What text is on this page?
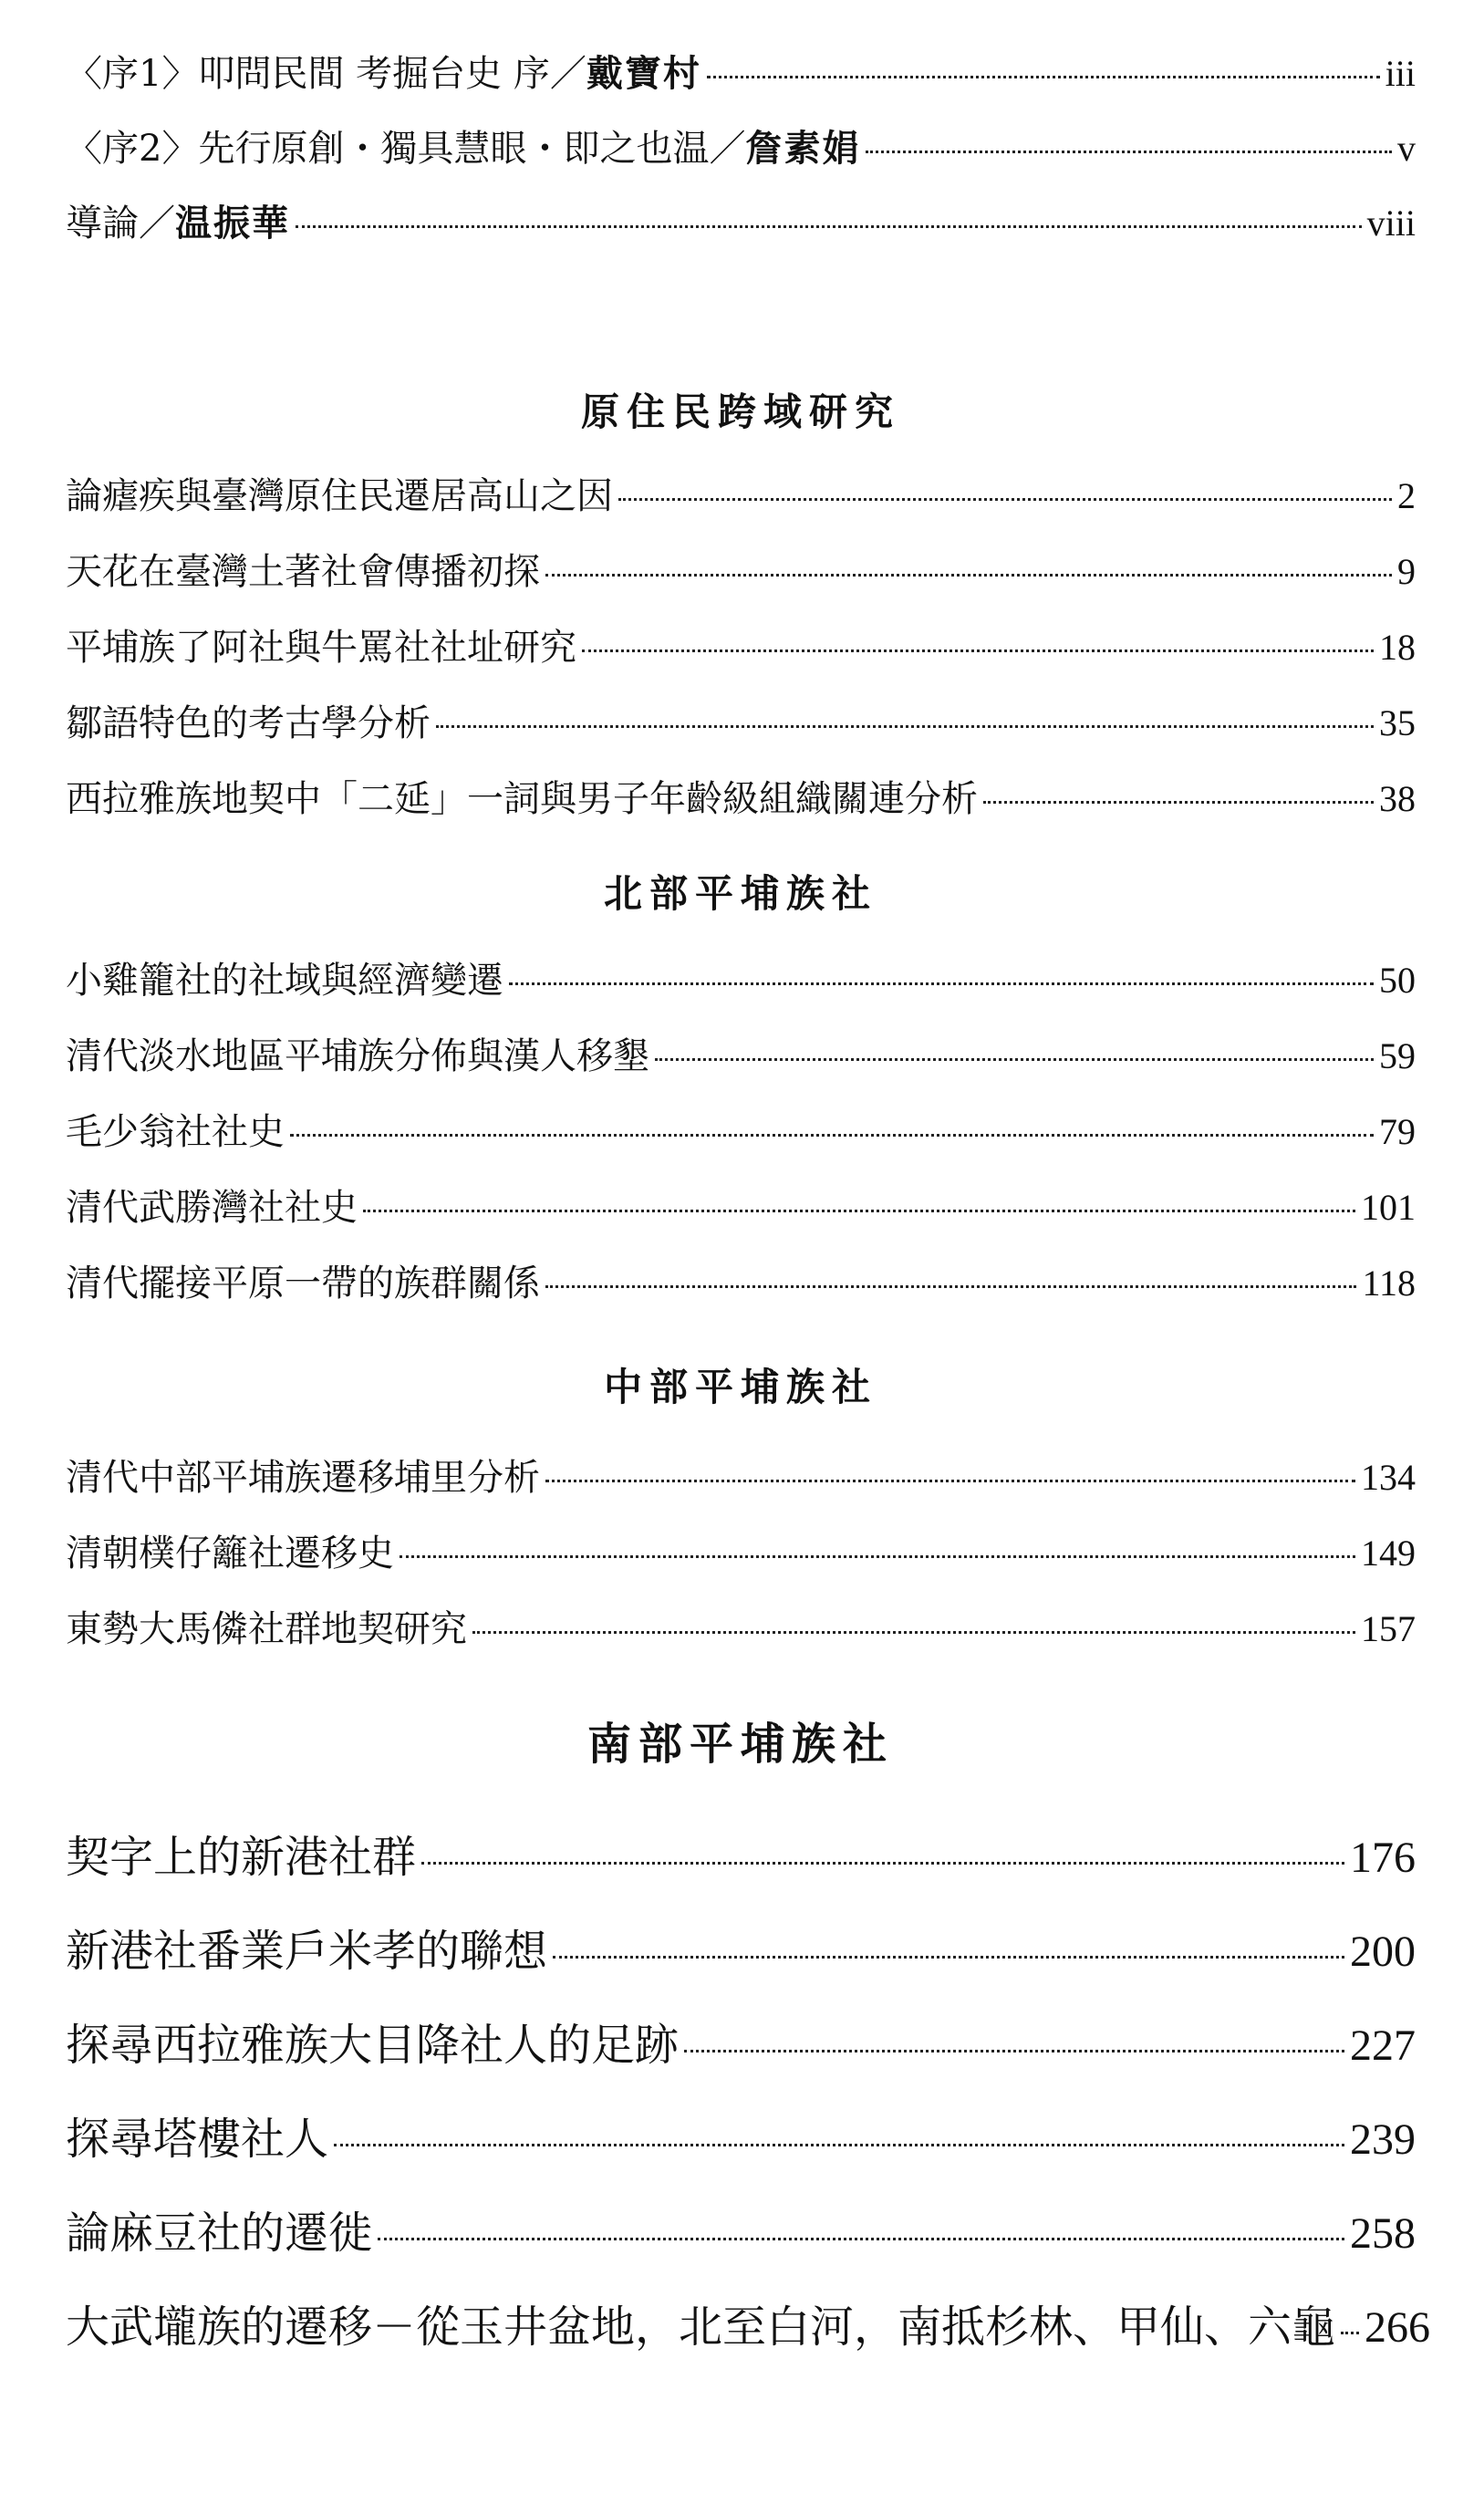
〈序1〉叩問民間 考掘台史 序／戴寶村	iii
〈序2〉先行原創・獨具慧眼・即之也温／詹素娟	v
導論／温振華	viii
原住民跨域研究
論瘧疾與臺灣原住民遷居高山之因	2
天花在臺灣土著社會傳播初探	9
平埔族了阿社與牛罵社社址研究	18
鄒語特色的考古學分析	35
西拉雅族地契中「二延」一詞與男子年齡級組織關連分析	38
北部平埔族社
小雞籠社的社域與經濟變遷	50
清代淡水地區平埔族分佈與漢人移墾	59
毛少翁社社史	79
清代武勝灣社社史	101
清代擺接平原一帶的族群關係	118
中部平埔族社
清代中部平埔族遷移埔里分析	134
清朝樸仔籬社遷移史	149
東勢大馬僯社群地契研究	157
南部平埔族社
契字上的新港社群	176
新港社番業戶米孝的聯想	200
探尋西拉雅族大目降社人的足跡	227
探尋塔樓社人	239
論麻豆社的遷徙	258
大武壠族的遷移－從玉井盆地，北至白河，南抵杉林、甲仙、六龜 266
